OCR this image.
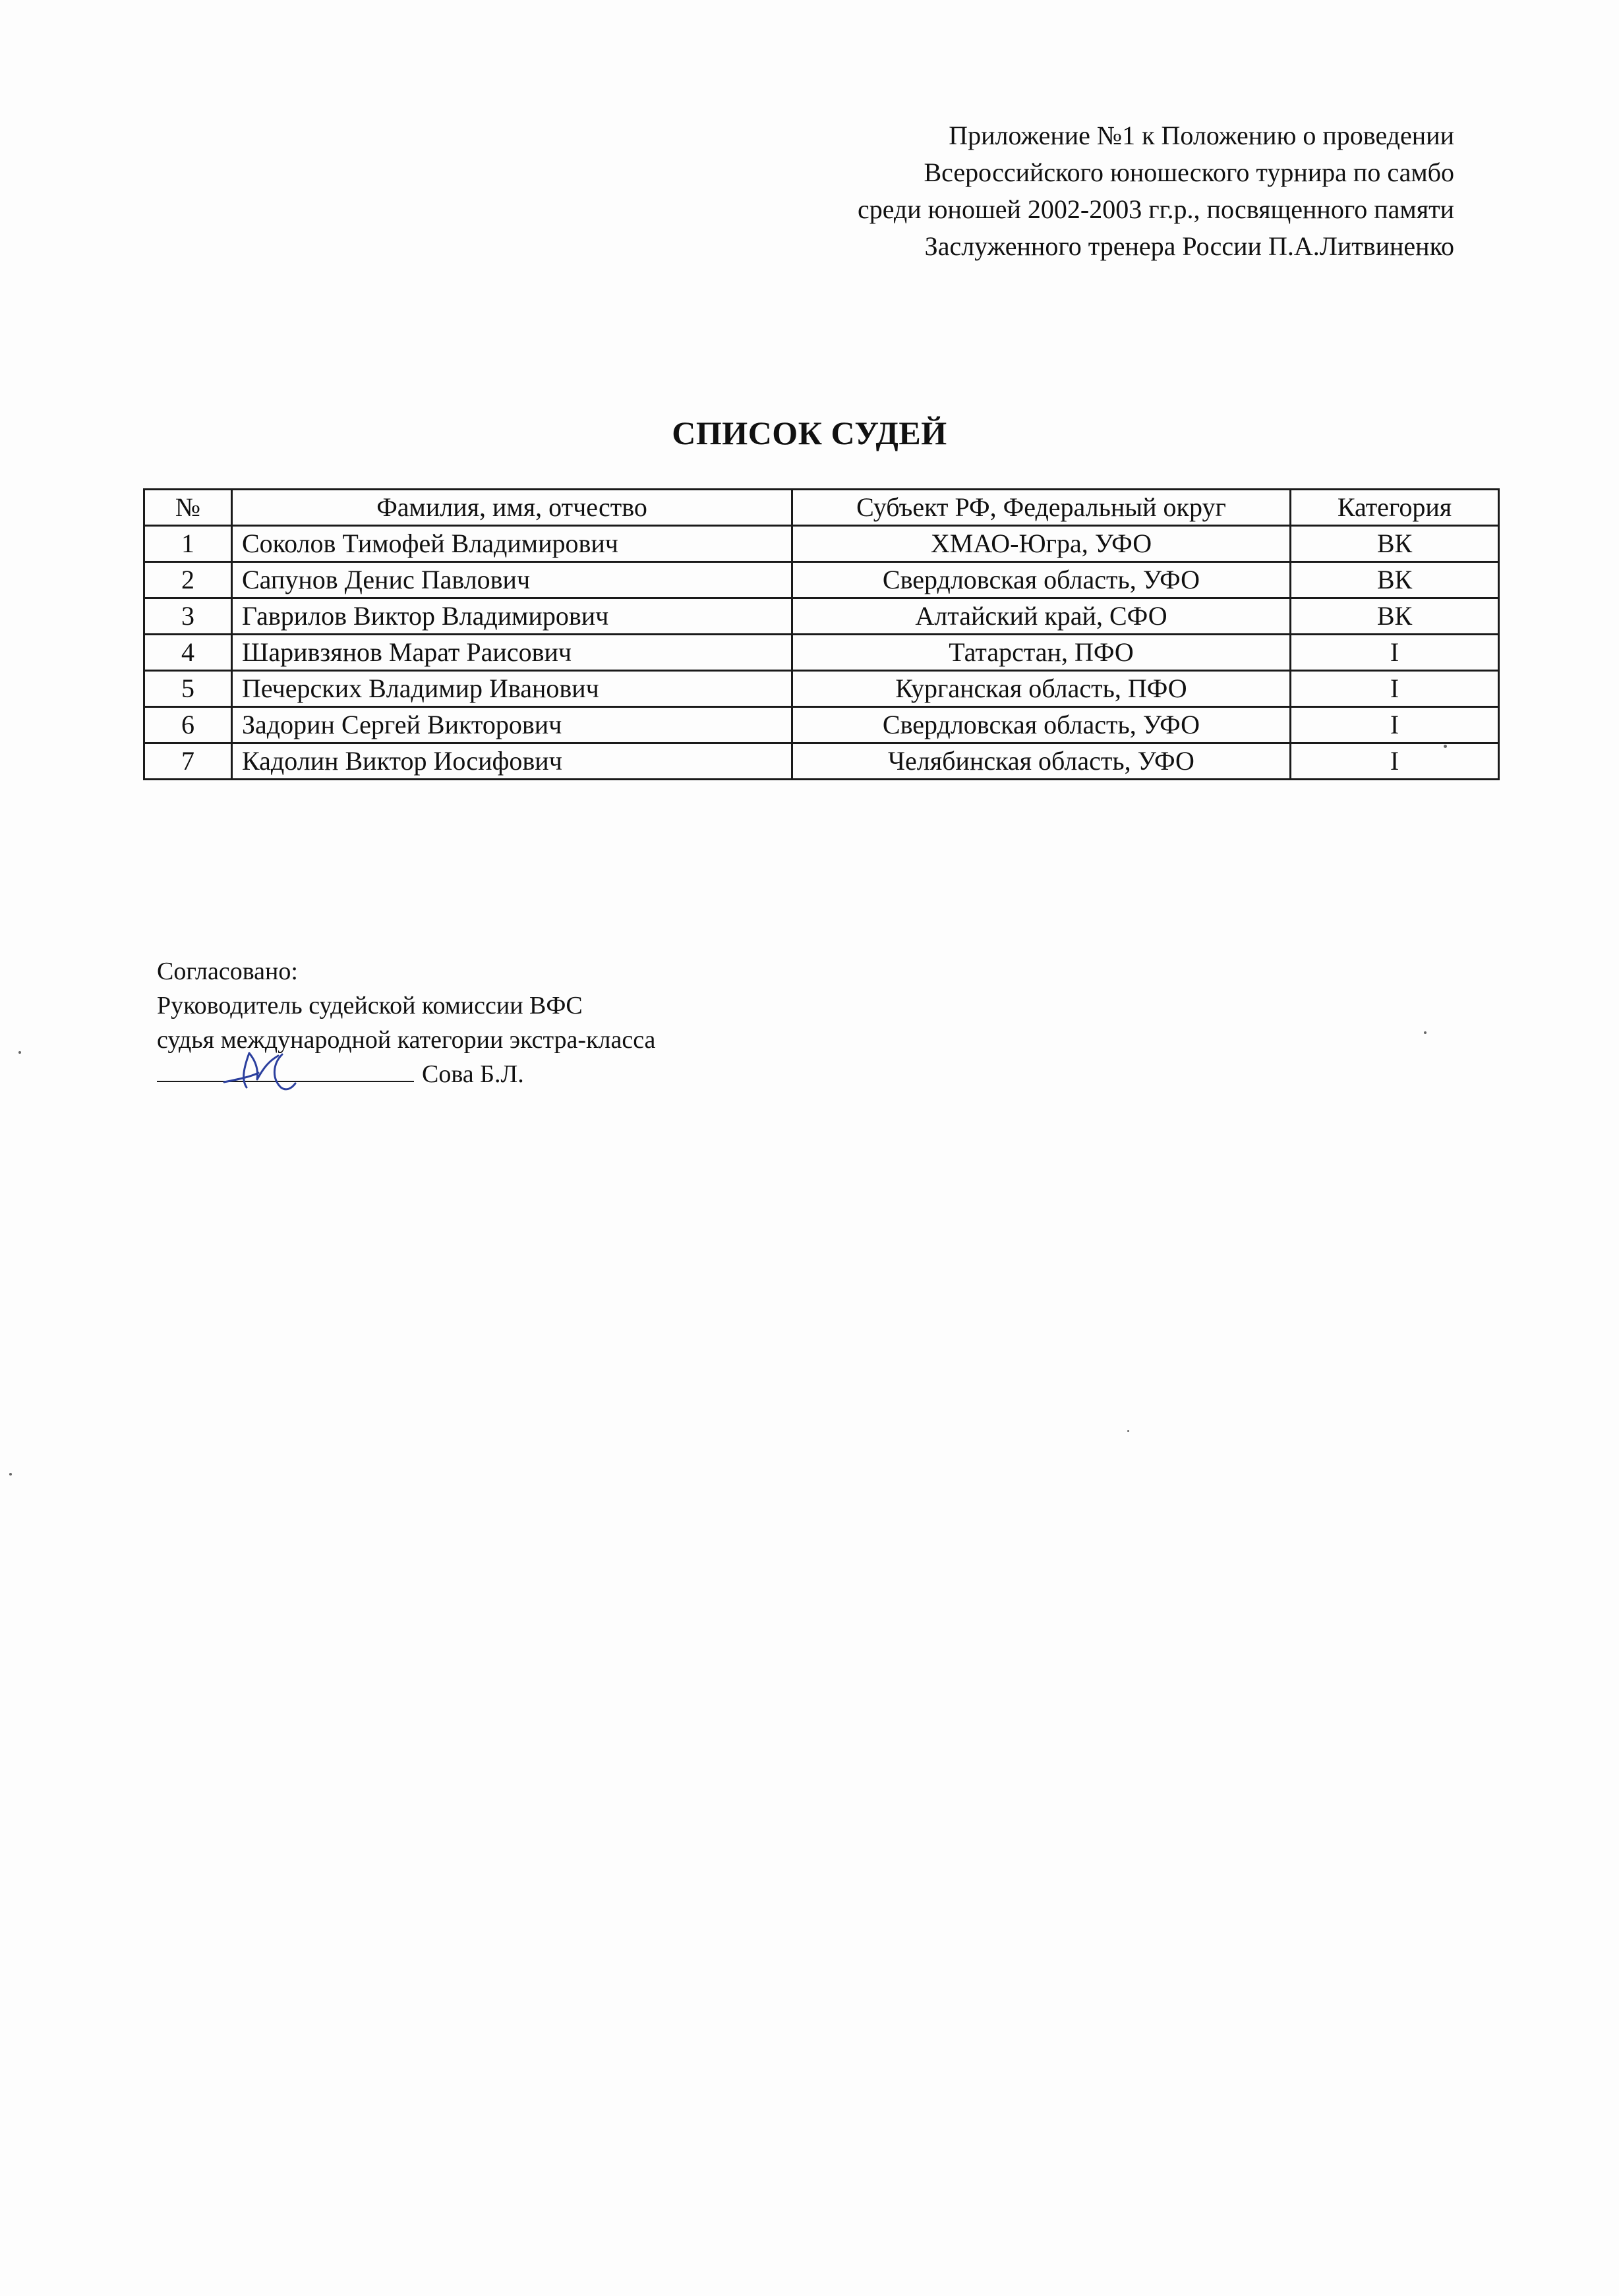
Приложение №1 к Положению о проведении
Всероссийского юношеского турнира по самбо
среди юношей 2002-2003 гг.р., посвященного памяти
Заслуженного тренера России П.А.Литвиненко
СПИСОК СУДЕЙ
№	Фамилия, имя, отчество	Субъект РФ, Федеральный округ	Категория
1	Соколов Тимофей Владимирович	ХМАО-Югра, УФО	ВК
2	Сапунов Денис Павлович	Свердловская область, УФО	ВК
3	Гаврилов Виктор Владимирович	Алтайский край, СФО	ВК
4	Шаривзянов Марат Раисович	Татарстан, ПФО	I
5	Печерских Владимир Иванович	Курганская область, ПФО	I
6	Задорин Сергей Викторович	Свердловская область, УФО	I
7	Кадолин Виктор Иосифович	Челябинская область, УФО	I
Согласовано:
Руководитель судейской комиссии ВФС
судья международной категории экстра-класса
Сова Б.Л.
